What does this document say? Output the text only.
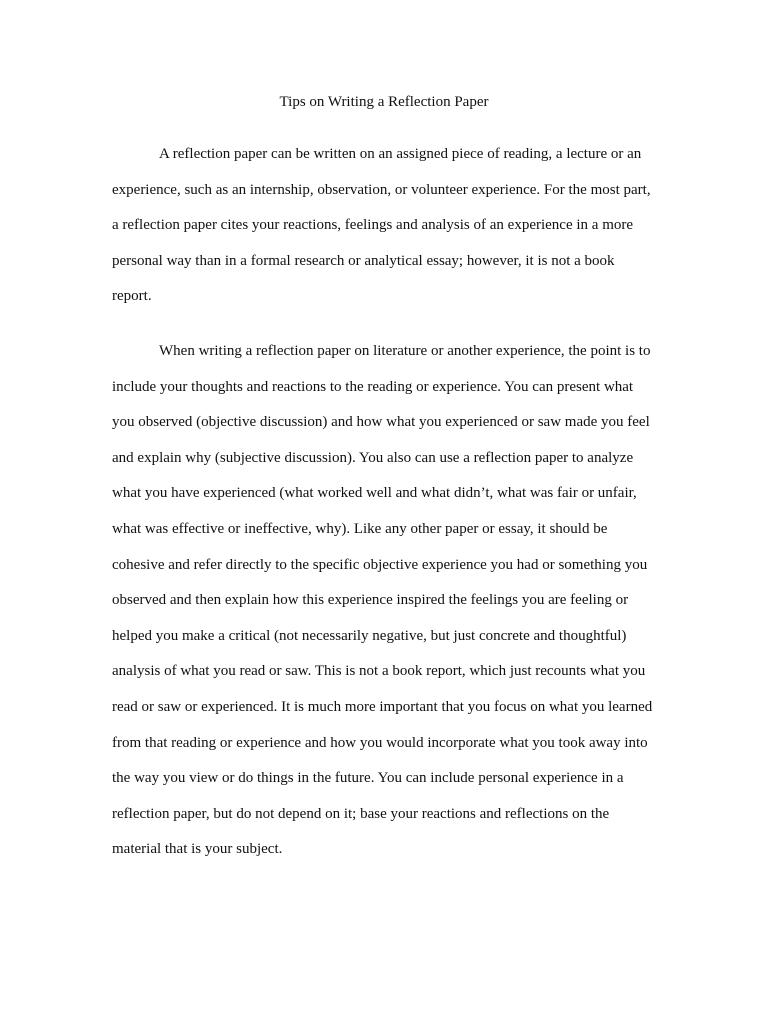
Tips on Writing a Reflection Paper

A reflection paper can be written on an assigned piece of reading, a lecture or an experience, such as an internship, observation, or volunteer experience. For the most part, a reflection paper cites your reactions, feelings and analysis of an experience in a more personal way than in a formal research or analytical essay; however, it is not a book report.

When writing a reflection paper on literature or another experience, the point is to include your thoughts and reactions to the reading or experience. You can present what you observed (objective discussion) and how what you experienced or saw made you feel and explain why (subjective discussion). You also can use a reflection paper to analyze what you have experienced (what worked well and what didn’t, what was fair or unfair, what was effective or ineffective, why). Like any other paper or essay, it should be cohesive and refer directly to the specific objective experience you had or something you observed and then explain how this experience inspired the feelings you are feeling or helped you make a critical (not necessarily negative, but just concrete and thoughtful) analysis of what you read or saw. This is not a book report, which just recounts what you read or saw or experienced. It is much more important that you focus on what you learned from that reading or experience and how you would incorporate what you took away into the way you view or do things in the future. You can include personal experience in a reflection paper, but do not depend on it; base your reactions and reflections on the material that is your subject.
